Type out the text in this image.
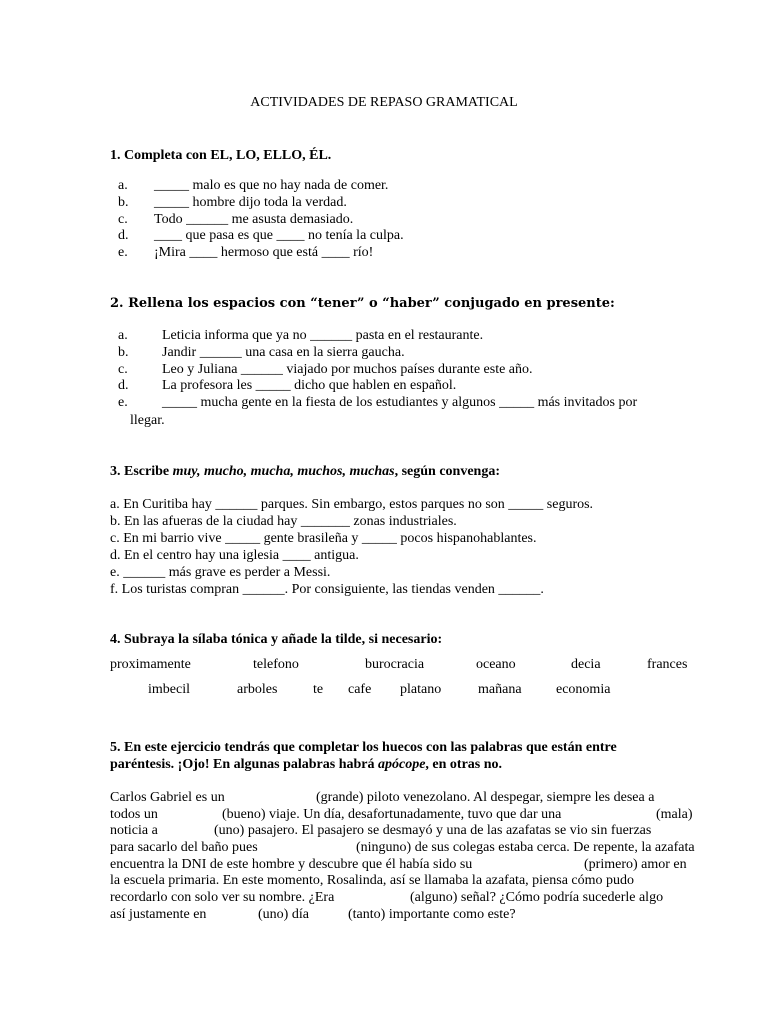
ACTIVIDADES DE REPASO GRAMATICAL
1. Completa con EL, LO, ELLO, ÉL.
a. _____ malo es que no hay nada de comer.
b. _____ hombre dijo toda la verdad.
c. Todo ______ me asusta demasiado.
d. ____ que pasa es que ____ no tenía la culpa.
e. ¡Mira ____ hermoso que está ____ río!
2. Rellena los espacios con “tener” o “haber” conjugado en presente:
a. Leticia informa que ya no ______ pasta en el restaurante.
b. Jandir ______ una casa en la sierra gaucha.
c. Leo y Juliana ______ viajado por muchos países durante este año.
d. La profesora les _____ dicho que hablen en español.
e. _____ mucha gente en la fiesta de los estudiantes y algunos _____ más invitados por
llegar.
3. Escribe muy, mucho, mucha, muchos, muchas, según convenga:
a. En Curitiba hay ______ parques. Sin embargo, estos parques no son _____ seguros.
b. En las afueras de la ciudad hay _______ zonas industriales.
c. En mi barrio vive _____ gente brasileña y _____ pocos hispanohablantes.
d. En el centro hay una iglesia ____ antigua.
e. ______ más grave es perder a Messi.
f. Los turistas compran ______. Por consiguiente, las tiendas venden ______.
4. Subraya la sílaba tónica y añade la tilde, si necesario:
proximamente	telefono	burocracia	oceano	decia	frances
imbecil	arboles	te cafe platano	mañana economia
5. En este ejercicio tendrás que completar los huecos con las palabras que están entre
paréntesis. ¡Ojo! En algunas palabras habrá apócope, en otras no.
Carlos Gabriel es un	(grande) piloto venezolano. Al despegar, siempre les desea a
todos un	(bueno) viaje. Un día, desafortunadamente, tuvo que dar una	(mala)
noticia a	(uno) pasajero. El pasajero se desmayó y una de las azafatas se vio sin fuerzas
para sacarlo del baño pues	(ninguno) de sus colegas estaba cerca. De repente, la azafata
encuentra la DNI de este hombre y descubre que él había sido su	(primero) amor en
la escuela primaria. En este momento, Rosalinda, así se llamaba la azafata, piensa cómo pudo
recordarlo con solo ver su nombre. ¿Era	(alguno) señal? ¿Cómo podría sucederle algo
así justamente en	(uno) día	(tanto) importante como este?
